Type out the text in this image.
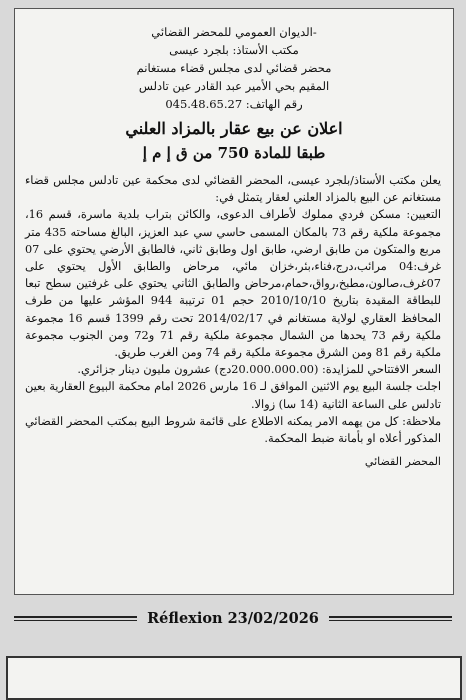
-الديوان العمومي للمحضر القضائي
مكتب الأستاذ: بلجرد عيسى
محضر قضائي لدى مجلس قضاء مستغانم
المقيم بحي الأمير عبد القادر عين تادلس
رقم الهاتف: 045.48.65.27
اعلان عن بيع عقار بالمزاد العلني
طبقا للمادة 750 من ق إ م إ

يعلن مكتب الأستاذ/بلجرد عيسى، المحضر القضائي لدى محكمة عين تادلس مجلس قضاء مستغانم عن البيع بالمزاد العلني لعقار يتمثل في:

التعيين: مسكن فردي مملوك لأطراف الدعوى، والكائن بتراب بلدية ماسرة، قسم 16، مجموعة ملكية رقم 73 بالمكان المسمى حاسي سي عبد العزيز، البالغ مساحته 435 متر مربع والمتكون من طابق ارضي، طابق اول وطابق ثاني، فالطابق الأرضي يحتوي على 07 غرف:04 مرائب،درج،فناء،بئر،خزان مائي، مرحاض والطابق الأول يحتوي على 07غرف،صالون،مطبخ،رواق،حمام،مرحاض والطابق الثاني يحتوي على غرفتين سطح تبعا للبطاقة المقيدة بتاريخ 2010/10/10 حجم 01 ترتيبة 944 المؤشر عليها من طرف المحافظ العقاري لولاية مستغانم في 2014/02/17 تحت رقم 1399 قسم 16 مجموعة ملكية رقم 73 يحدها من الشمال مجموعة ملكية رقم 71 و72 ومن الجنوب مجموعة ملكية رقم 81 ومن الشرق مجموعة ملكية رقم 74 ومن الغرب طريق.

السعر الافتتاحي للمزايدة: (20.000.000.00دج) عشرون مليون دينار جزائري.

اجلت جلسة البيع يوم الاثنين الموافق لـ 16 مارس 2026 امام محكمة البيوع العقارية بعين تادلس على الساعة الثانية (14 سا) زوالا.

ملاحظة: كل من يهمه الامر يمكنه الاطلاع على قائمة شروط البيع بمكتب المحضر القضائي المذكور أعلاه او بأمانة ضبط المحكمة.

المحضر القضائي
Réflexion 23/02/2026
